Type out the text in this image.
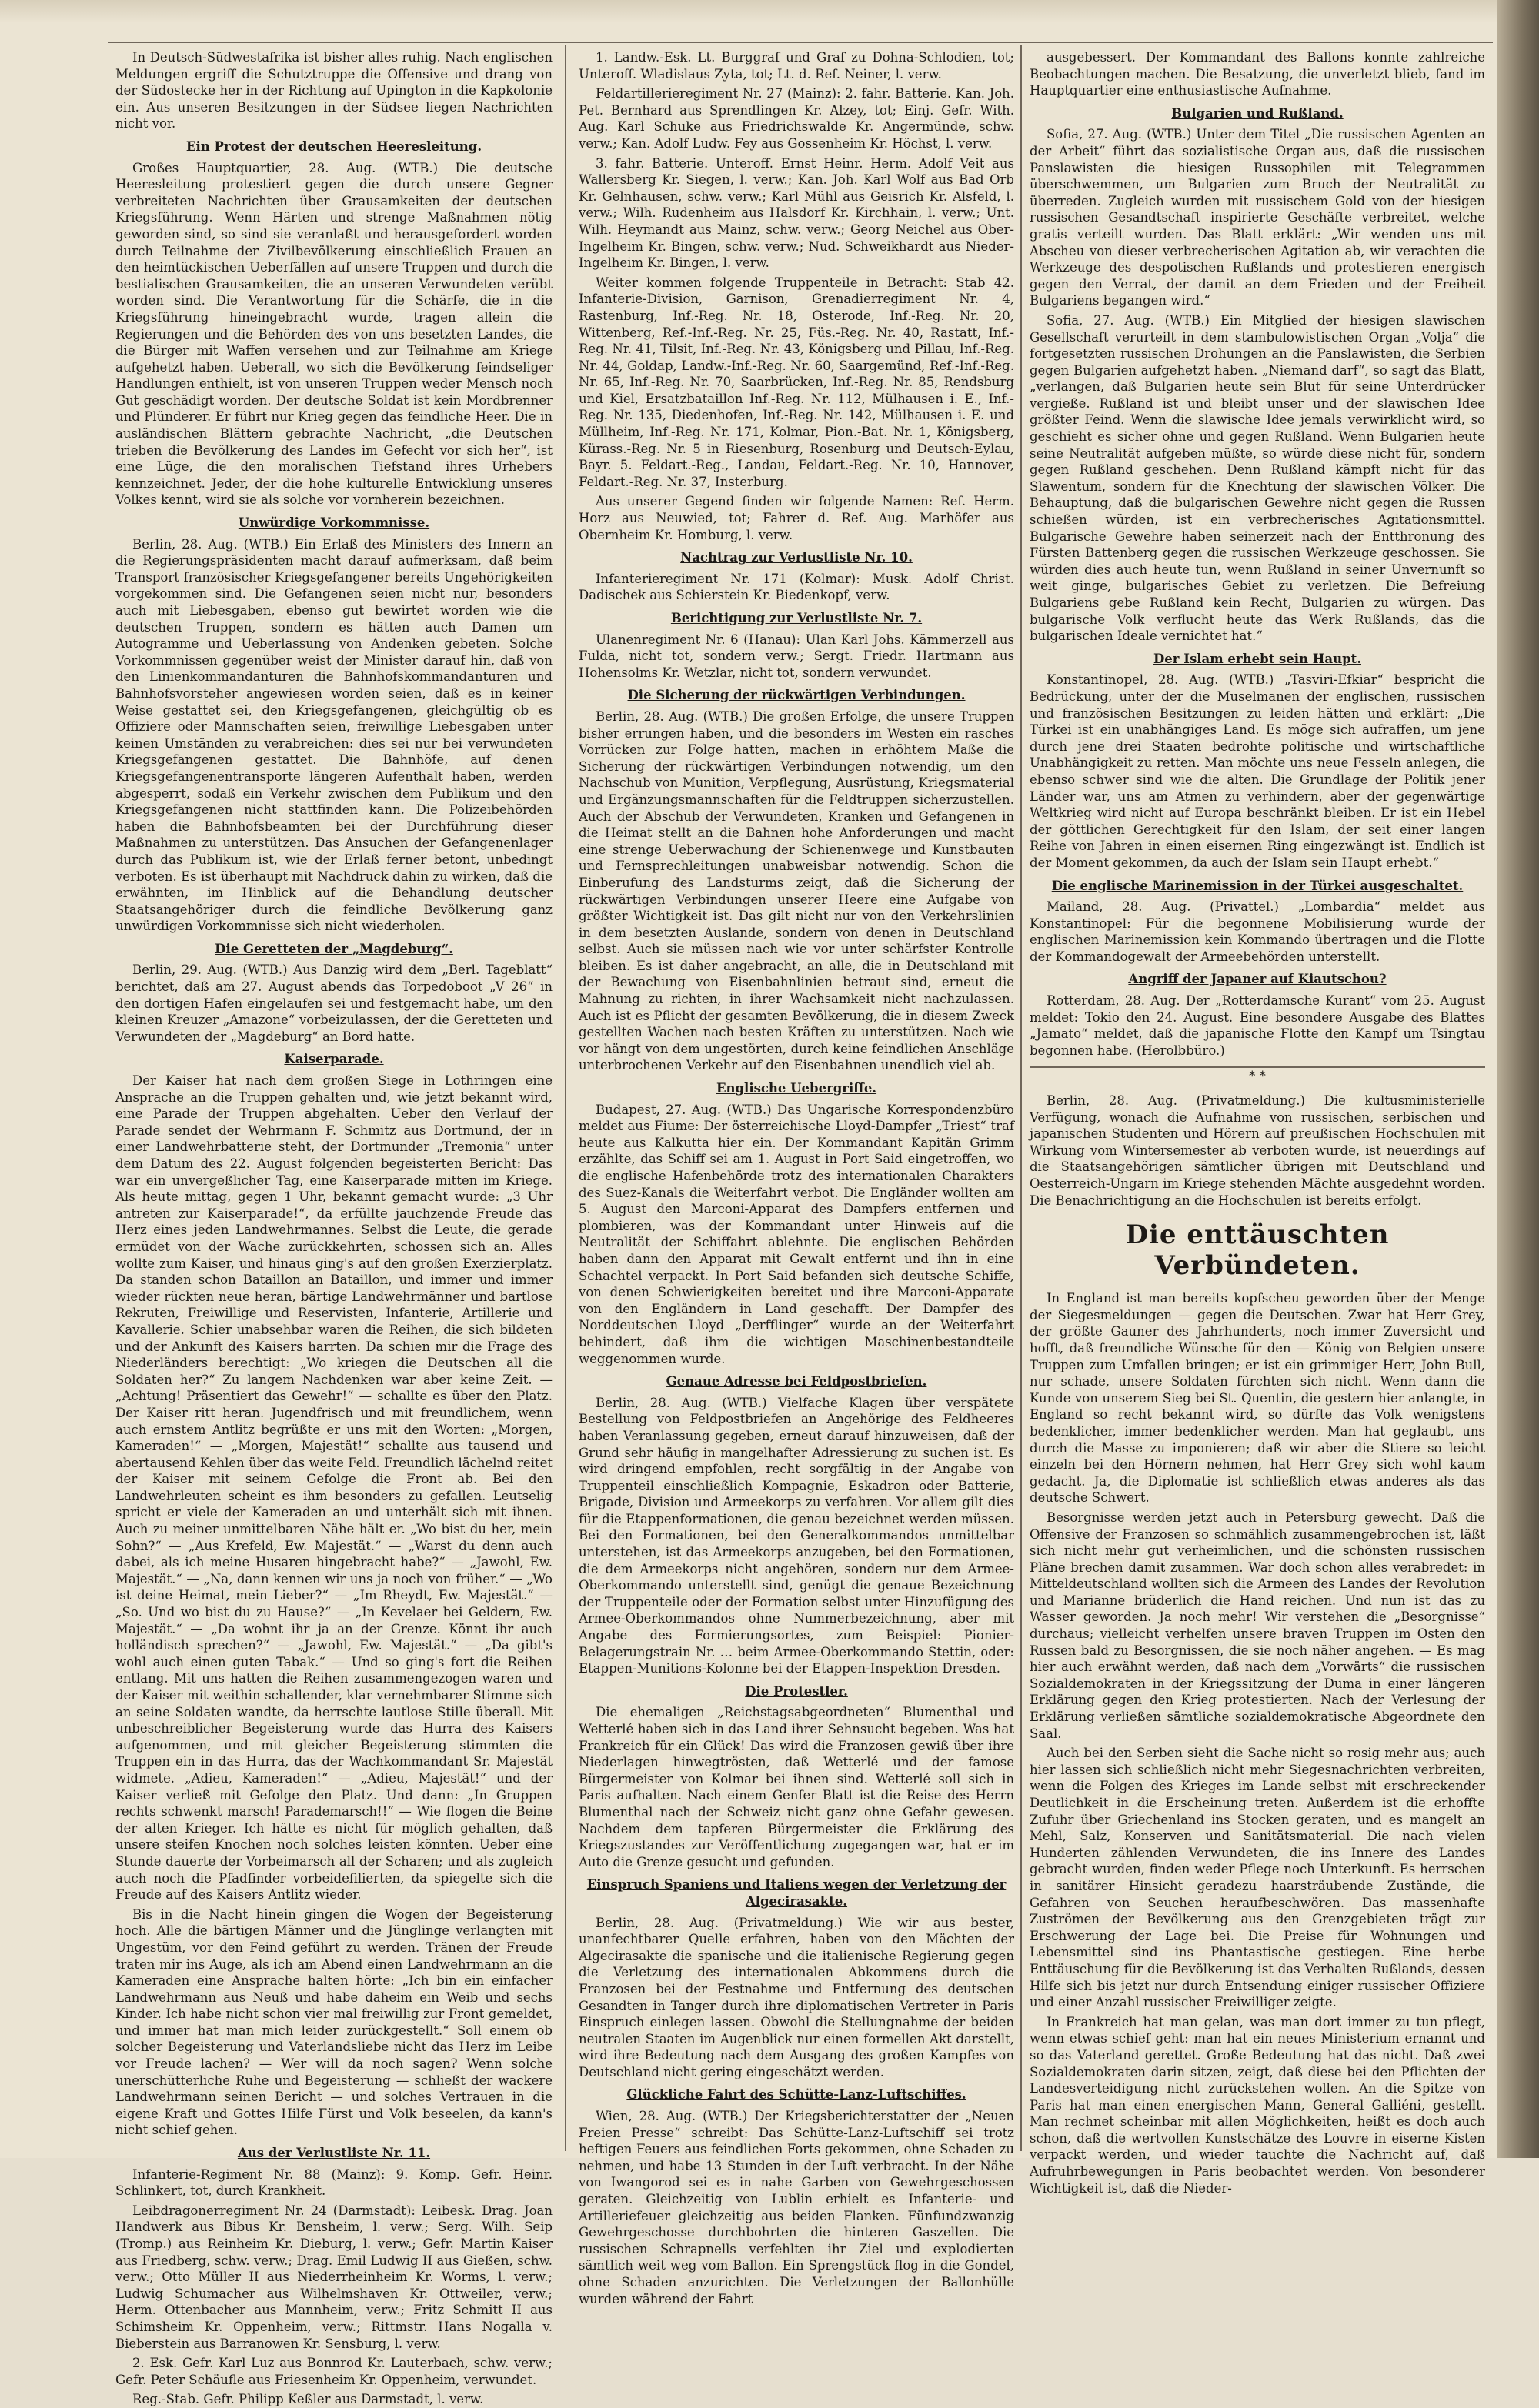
In Deutsch-Südwestafrika ist bisher alles ruhig. Nach englischen Meldungen ergriff die Schutztruppe die Offensive und drang von der Südostecke her in der Richtung auf Upington in die Kapkolonie ein. Aus unseren Besitzungen in der Südsee liegen Nachrichten nicht vor.

Ein Protest der deutschen Heeresleitung.

Großes Hauptquartier, 28. Aug. (WTB.) Die deutsche Heeresleitung protestiert gegen die durch unsere Gegner verbreiteten Nachrichten über Grausamkeiten der deutschen Kriegsführung. Wenn Härten und strenge Maßnahmen nötig geworden sind, so sind sie veranlaßt und herausgefordert worden durch Teilnahme der Zivilbevölkerung einschließlich Frauen an den heimtückischen Ueberfällen auf unsere Truppen und durch die bestialischen Grausamkeiten, die an unseren Verwundeten verübt worden sind. Die Verantwortung für die Schärfe, die in die Kriegsführung hineingebracht wurde, tragen allein die Regierungen und die Behörden des von uns besetzten Landes, die die Bürger mit Waffen versehen und zur Teilnahme am Kriege aufgehetzt haben. Ueberall, wo sich die Bevölkerung feindseliger Handlungen enthielt, ist von unseren Truppen weder Mensch noch Gut geschädigt worden. Der deutsche Soldat ist kein Mordbrenner und Plünderer. Er führt nur Krieg gegen das feindliche Heer. Die in ausländischen Blättern gebrachte Nachricht, „die Deutschen trieben die Bevölkerung des Landes im Gefecht vor sich her“, ist eine Lüge, die den moralischen Tiefstand ihres Urhebers kennzeichnet. Jeder, der die hohe kulturelle Entwicklung unseres Volkes kennt, wird sie als solche vor vornherein bezeichnen.

Unwürdige Vorkommnisse.

Berlin, 28. Aug. (WTB.) Ein Erlaß des Ministers des Innern an die Regierungspräsidenten macht darauf aufmerksam, daß beim Transport französischer Kriegsgefangener bereits Ungehörigkeiten vorgekommen sind. Die Gefangenen seien nicht nur, besonders auch mit Liebesgaben, ebenso gut bewirtet worden wie die deutschen Truppen, sondern es hätten auch Damen um Autogramme und Ueberlassung von Andenken gebeten. Solche Vorkommnissen gegenüber weist der Minister darauf hin, daß von den Linienkommandanturen die Bahnhofskommandanturen und Bahnhofsvorsteher angewiesen worden seien, daß es in keiner Weise gestattet sei, den Kriegsgefangenen, gleichgültig ob es Offiziere oder Mannschaften seien, freiwillige Liebesgaben unter keinen Umständen zu verabreichen: dies sei nur bei verwundeten Kriegsgefangenen gestattet. Die Bahnhöfe, auf denen Kriegsgefangenentransporte längeren Aufenthalt haben, werden abgesperrt, sodaß ein Verkehr zwischen dem Publikum und den Kriegsgefangenen nicht stattfinden kann. Die Polizeibehörden haben die Bahnhofsbeamten bei der Durchführung dieser Maßnahmen zu unterstützen. Das Ansuchen der Gefangenenlager durch das Publikum ist, wie der Erlaß ferner betont, unbedingt verboten. Es ist überhaupt mit Nachdruck dahin zu wirken, daß die erwähnten, im Hinblick auf die Behandlung deutscher Staatsangehöriger durch die feindliche Bevölkerung ganz unwürdigen Vorkommnisse sich nicht wiederholen.

Die Geretteten der „Magdeburg“.

Berlin, 29. Aug. (WTB.) Aus Danzig wird dem „Berl. Tageblatt“ berichtet, daß am 27. August abends das Torpedoboot „V 26“ in den dortigen Hafen eingelaufen sei und festgemacht habe, um den kleinen Kreuzer „Amazone“ vorbeizulassen, der die Geretteten und Verwundeten der „Magdeburg“ an Bord hatte.

Kaiserparade.

Der Kaiser hat nach dem großen Siege in Lothringen eine Ansprache an die Truppen gehalten und, wie jetzt bekannt wird, eine Parade der Truppen abgehalten. Ueber den Verlauf der Parade sendet der Wehrmann F. Schmitz aus Dortmund, der in einer Landwehrbatterie steht, der Dortmunder „Tremonia“ unter dem Datum des 22. August folgenden begeisterten Bericht: Das war ein unvergeßlicher Tag, eine Kaiserparade mitten im Kriege. Als heute mittag, gegen 1 Uhr, bekannt gemacht wurde: „3 Uhr antreten zur Kaiserparade!“, da erfüllte jauchzende Freude das Herz eines jeden Landwehrmannes. Selbst die Leute, die gerade ermüdet von der Wache zurückkehrten, schossen sich an. Alles wollte zum Kaiser, und hinaus ging's auf den großen Exerzierplatz. Da standen schon Bataillon an Bataillon, und immer und immer wieder rückten neue heran, bärtige Landwehrmänner und bartlose Rekruten, Freiwillige und Reservisten, Infanterie, Artillerie und Kavallerie. Schier unabsehbar waren die Reihen, die sich bildeten und der Ankunft des Kaisers harrten. Da schien mir die Frage des Niederländers berechtigt: „Wo kriegen die Deutschen all die Soldaten her?“ Zu langem Nachdenken war aber keine Zeit. — „Achtung! Präsentiert das Gewehr!“ — schallte es über den Platz. Der Kaiser ritt heran. Jugendfrisch und mit freundlichem, wenn auch ernstem Antlitz begrüßte er uns mit den Worten: „Morgen, Kameraden!“ — „Morgen, Majestät!“ schallte aus tausend und abertausend Kehlen über das weite Feld. Freundlich lächelnd reitet der Kaiser mit seinem Gefolge die Front ab. Bei den Landwehrleuten scheint es ihm besonders zu gefallen. Leutselig spricht er viele der Kameraden an und unterhält sich mit ihnen. Auch zu meiner unmittelbaren Nähe hält er. „Wo bist du her, mein Sohn?“ — „Aus Krefeld, Ew. Majestät.“ — „Warst du denn auch dabei, als ich meine Husaren hingebracht habe?“ — „Jawohl, Ew. Majestät.“ — „Na, dann kennen wir uns ja noch von früher.“ — „Wo ist deine Heimat, mein Lieber?“ — „Im Rheydt, Ew. Majestät.“ — „So. Und wo bist du zu Hause?“ — „In Kevelaer bei Geldern, Ew. Majestät.“ — „Da wohnt ihr ja an der Grenze. Könnt ihr auch holländisch sprechen?“ — „Jawohl, Ew. Majestät.“ — „Da gibt's wohl auch einen guten Tabak.“ — Und so ging's fort die Reihen entlang. Mit uns hatten die Reihen zusammengezogen waren und der Kaiser mit weithin schallender, klar vernehmbarer Stimme sich an seine Soldaten wandte, da herrschte lautlose Stille überall. Mit unbeschreiblicher Begeisterung wurde das Hurra des Kaisers aufgenommen, und mit gleicher Begeisterung stimmten die Truppen ein in das Hurra, das der Wachkommandant Sr. Majestät widmete. „Adieu, Kameraden!“ — „Adieu, Majestät!“ und der Kaiser verließ mit Gefolge den Platz. Und dann: „In Gruppen rechts schwenkt marsch! Parademarsch!!“ — Wie flogen die Beine der alten Krieger. Ich hätte es nicht für möglich gehalten, daß unsere steifen Knochen noch solches leisten könnten. Ueber eine Stunde dauerte der Vorbeimarsch all der Scharen; und als zugleich auch noch die Pfadfinder vorbeidefilierten, da spiegelte sich die Freude auf des Kaisers Antlitz wieder.

Bis in die Nacht hinein gingen die Wogen der Begeisterung hoch. Alle die bärtigen Männer und die Jünglinge verlangten mit Ungestüm, vor den Feind geführt zu werden. Tränen der Freude traten mir ins Auge, als ich am Abend einen Landwehrmann an die Kameraden eine Ansprache halten hörte: „Ich bin ein einfacher Landwehrmann aus Neuß und habe daheim ein Weib und sechs Kinder. Ich habe nicht schon vier mal freiwillig zur Front gemeldet, und immer hat man mich leider zurückgestellt.“ Soll einem ob solcher Begeisterung und Vaterlandsliebe nicht das Herz im Leibe vor Freude lachen? — Wer will da noch sagen? Wenn solche unerschütterliche Ruhe und Begeisterung — schließt der wackere Landwehrmann seinen Bericht — und solches Vertrauen in die eigene Kraft und Gottes Hilfe Fürst und Volk beseelen, da kann's nicht schief gehen.

Aus der Verlustliste Nr. 11.

Infanterie-Regiment Nr. 88 (Mainz): 9. Komp. Gefr. Heinr. Schlinkert, tot, durch Krankheit.

Leibdragonerregiment Nr. 24 (Darmstadt): Leibesk. Drag. Joan Handwerk aus Bibus Kr. Bensheim, l. verw.; Serg. Wilh. Seip (Tromp.) aus Reinheim Kr. Dieburg, l. verw.; Gefr. Martin Kaiser aus Friedberg, schw. verw.; Drag. Emil Ludwig II aus Gießen, schw. verw.; Otto Müller II aus Niederrheinheim Kr. Worms, l. verw.; Ludwig Schumacher aus Wilhelmshaven Kr. Ottweiler, verw.; Herm. Ottenbacher aus Mannheim, verw.; Fritz Schmitt II aus Schimsheim Kr. Oppenheim, verw.; Rittmstr. Hans Nogalla v. Bieberstein aus Barranowen Kr. Sensburg, l. verw.

2. Esk. Gefr. Karl Luz aus Bonnrod Kr. Lauterbach, schw. verw.; Gefr. Peter Schäufle aus Friesenheim Kr. Oppenheim, verwundet.

Reg.-Stab. Gefr. Philipp Keßler aus Darmstadt, l. verw.

1. Landw.-Esk. Lt. Burggraf und Graf zu Dohna-Schlodien, tot; Unteroff. Wladislaus Zyta, tot; Lt. d. Ref. Neiner, l. verw.

Feldartillerieregiment Nr. 27 (Mainz): 2. fahr. Batterie. Kan. Joh. Pet. Bernhard aus Sprendlingen Kr. Alzey, tot; Einj. Gefr. With. Aug. Karl Schuke aus Friedrichswalde Kr. Angermünde, schw. verw.; Kan. Adolf Ludw. Fey aus Gossenheim Kr. Höchst, l. verw.

3. fahr. Batterie. Unteroff. Ernst Heinr. Herm. Adolf Veit aus Wallersberg Kr. Siegen, l. verw.; Kan. Joh. Karl Wolf aus Bad Orb Kr. Gelnhausen, schw. verw.; Karl Mühl aus Geisrich Kr. Alsfeld, l. verw.; Wilh. Rudenheim aus Halsdorf Kr. Kirchhain, l. verw.; Unt. Wilh. Heymandt aus Mainz, schw. verw.; Georg Neichel aus Ober-Ingelheim Kr. Bingen, schw. verw.; Nud. Schweikhardt aus Nieder-Ingelheim Kr. Bingen, l. verw.

Weiter kommen folgende Truppenteile in Betracht: Stab 42. Infanterie-Division, Garnison, Grenadierregiment Nr. 4, Rastenburg, Inf.-Reg. Nr. 18, Osterode, Inf.-Reg. Nr. 20, Wittenberg, Ref.-Inf.-Reg. Nr. 25, Füs.-Reg. Nr. 40, Rastatt, Inf.-Reg. Nr. 41, Tilsit, Inf.-Reg. Nr. 43, Königsberg und Pillau, Inf.-Reg. Nr. 44, Goldap, Landw.-Inf.-Reg. Nr. 60, Saargemünd, Ref.-Inf.-Reg. Nr. 65, Inf.-Reg. Nr. 70, Saarbrücken, Inf.-Reg. Nr. 85, Rendsburg und Kiel, Ersatzbataillon Inf.-Reg. Nr. 112, Mülhausen i. E., Inf.-Reg. Nr. 135, Diedenhofen, Inf.-Reg. Nr. 142, Mülhausen i. E. und Müllheim, Inf.-Reg. Nr. 171, Kolmar, Pion.-Bat. Nr. 1, Königsberg, Kürass.-Reg. Nr. 5 in Riesenburg, Rosenburg und Deutsch-Eylau, Bayr. 5. Feldart.-Reg., Landau, Feldart.-Reg. Nr. 10, Hannover, Feldart.-Reg. Nr. 37, Insterburg.

Aus unserer Gegend finden wir folgende Namen: Ref. Herm. Horz aus Neuwied, tot; Fahrer d. Ref. Aug. Marhöfer aus Obernheim Kr. Homburg, l. verw.

Nachtrag zur Verlustliste Nr. 10.

Infanterieregiment Nr. 171 (Kolmar): Musk. Adolf Christ. Dadischek aus Schierstein Kr. Biedenkopf, verw.

Berichtigung zur Verlustliste Nr. 7.

Ulanenregiment Nr. 6 (Hanau): Ulan Karl Johs. Kämmerzell aus Fulda, nicht tot, sondern verw.; Sergt. Friedr. Hartmann aus Hohensolms Kr. Wetzlar, nicht tot, sondern verwundet.

Die Sicherung der rückwärtigen Verbindungen.

Berlin, 28. Aug. (WTB.) Die großen Erfolge, die unsere Truppen bisher errungen haben, und die besonders im Westen ein rasches Vorrücken zur Folge hatten, machen in erhöhtem Maße die Sicherung der rückwärtigen Verbindungen notwendig, um den Nachschub von Munition, Verpflegung, Ausrüstung, Kriegsmaterial und Ergänzungsmannschaften für die Feldtruppen sicherzustellen. Auch der Abschub der Verwundeten, Kranken und Gefangenen in die Heimat stellt an die Bahnen hohe Anforderungen und macht eine strenge Ueberwachung der Schienenwege und Kunstbauten und Fernsprechleitungen unabweisbar notwendig. Schon die Einberufung des Landsturms zeigt, daß die Sicherung der rückwärtigen Verbindungen unserer Heere eine Aufgabe von größter Wichtigkeit ist. Das gilt nicht nur von den Verkehrslinien in dem besetzten Auslande, sondern von denen in Deutschland selbst. Auch sie müssen nach wie vor unter schärfster Kontrolle bleiben. Es ist daher angebracht, an alle, die in Deutschland mit der Bewachung von Eisenbahnlinien betraut sind, erneut die Mahnung zu richten, in ihrer Wachsamkeit nicht nachzulassen. Auch ist es Pflicht der gesamten Bevölkerung, die in diesem Zweck gestellten Wachen nach besten Kräften zu unterstützen. Nach wie vor hängt von dem ungestörten, durch keine feindlichen Anschläge unterbrochenen Verkehr auf den Eisenbahnen unendlich viel ab.

Englische Uebergriffe.

Budapest, 27. Aug. (WTB.) Das Ungarische Korrespondenzbüro meldet aus Fiume: Der österreichische Lloyd-Dampfer „Triest“ traf heute aus Kalkutta hier ein. Der Kommandant Kapitän Grimm erzählte, das Schiff sei am 1. August in Port Said eingetroffen, wo die englische Hafenbehörde trotz des internationalen Charakters des Suez-Kanals die Weiterfahrt verbot. Die Engländer wollten am 5. August den Marconi-Apparat des Dampfers entfernen und plombieren, was der Kommandant unter Hinweis auf die Neutralität der Schiffahrt ablehnte. Die englischen Behörden haben dann den Apparat mit Gewalt entfernt und ihn in eine Schachtel verpackt. In Port Said befanden sich deutsche Schiffe, von denen Schwierigkeiten bereitet und ihre Marconi-Apparate von den Engländern in Land geschafft. Der Dampfer des Norddeutschen Lloyd „Derfflinger“ wurde an der Weiterfahrt behindert, daß ihm die wichtigen Maschinenbestandteile weggenommen wurde.

Genaue Adresse bei Feldpostbriefen.

Berlin, 28. Aug. (WTB.) Vielfache Klagen über verspätete Bestellung von Feldpostbriefen an Angehörige des Feldheeres haben Veranlassung gegeben, erneut darauf hinzuweisen, daß der Grund sehr häufig in mangelhafter Adressierung zu suchen ist. Es wird dringend empfohlen, recht sorgfältig in der Angabe von Truppenteil einschließlich Kompagnie, Eskadron oder Batterie, Brigade, Division und Armeekorps zu verfahren. Vor allem gilt dies für die Etappenformationen, die genau bezeichnet werden müssen. Bei den Formationen, bei den Generalkommandos unmittelbar unterstehen, ist das Armeekorps anzugeben, bei den Formationen, die dem Armeekorps nicht angehören, sondern nur dem Armee-Oberkommando unterstellt sind, genügt die genaue Bezeichnung der Truppenteile oder der Formation selbst unter Hinzufügung des Armee-Oberkommandos ohne Nummerbezeichnung, aber mit Angabe des Formierungsortes, zum Beispiel: Pionier-Belagerungstrain Nr. … beim Armee-Oberkommando Stettin, oder: Etappen-Munitions-Kolonne bei der Etappen-Inspektion Dresden.

Die Protestler.

Die ehemaligen „Reichstagsabgeordneten“ Blumenthal und Wetterlé haben sich in das Land ihrer Sehnsucht begeben. Was hat Frankreich für ein Glück! Das wird die Franzosen gewiß über ihre Niederlagen hinwegtrösten, daß Wetterlé und der famose Bürgermeister von Kolmar bei ihnen sind. Wetterlé soll sich in Paris aufhalten. Nach einem Genfer Blatt ist die Reise des Herrn Blumenthal nach der Schweiz nicht ganz ohne Gefahr gewesen. Nachdem dem tapferen Bürgermeister die Erklärung des Kriegszustandes zur Veröffentlichung zugegangen war, hat er im Auto die Grenze gesucht und gefunden.

Einspruch Spaniens und Italiens wegen der Verletzung der Algecirasakte.

Berlin, 28. Aug. (Privatmeldung.) Wie wir aus bester, unanfechtbarer Quelle erfahren, haben von den Mächten der Algecirasakte die spanische und die italienische Regierung gegen die Verletzung des internationalen Abkommens durch die Franzosen bei der Festnahme und Entfernung des deutschen Gesandten in Tanger durch ihre diplomatischen Vertreter in Paris Einspruch einlegen lassen. Obwohl die Stellungnahme der beiden neutralen Staaten im Augenblick nur einen formellen Akt darstellt, wird ihre Bedeutung nach dem Ausgang des großen Kampfes von Deutschland nicht gering eingeschätzt werden.

Glückliche Fahrt des Schütte-Lanz-Luftschiffes.

Wien, 28. Aug. (WTB.) Der Kriegsberichterstatter der „Neuen Freien Presse“ schreibt: Das Schütte-Lanz-Luftschiff sei trotz heftigen Feuers aus feindlichen Forts gekommen, ohne Schaden zu nehmen, und habe 13 Stunden in der Luft verbracht. In der Nähe von Iwangorod sei es in nahe Garben von Gewehrgeschossen geraten. Gleichzeitig von Lublin erhielt es Infanterie- und Artilleriefeuer gleichzeitig aus beiden Flanken. Fünfundzwanzig Gewehrgeschosse durchbohrten die hinteren Gaszellen. Die russischen Schrapnells verfehlten ihr Ziel und explodierten sämtlich weit weg vom Ballon. Ein Sprengstück flog in die Gondel, ohne Schaden anzurichten. Die Verletzungen der Ballonhülle wurden während der Fahrt

ausgebessert. Der Kommandant des Ballons konnte zahlreiche Beobachtungen machen. Die Besatzung, die unverletzt blieb, fand im Hauptquartier eine enthusiastische Aufnahme.

Bulgarien und Rußland.

Sofia, 27. Aug. (WTB.) Unter dem Titel „Die russischen Agenten an der Arbeit“ führt das sozialistische Organ aus, daß die russischen Panslawisten die hiesigen Russophilen mit Telegrammen überschwemmen, um Bulgarien zum Bruch der Neutralität zu überreden. Zugleich wurden mit russischem Gold von der hiesigen russischen Gesandtschaft inspirierte Geschäfte verbreitet, welche gratis verteilt wurden. Das Blatt erklärt: „Wir wenden uns mit Abscheu von dieser verbrecherischen Agitation ab, wir verachten die Werkzeuge des despotischen Rußlands und protestieren energisch gegen den Verrat, der damit an dem Frieden und der Freiheit Bulgariens begangen wird.“

Sofia, 27. Aug. (WTB.) Ein Mitglied der hiesigen slawischen Gesellschaft verurteilt in dem stambulowistischen Organ „Volja“ die fortgesetzten russischen Drohungen an die Panslawisten, die Serbien gegen Bulgarien aufgehetzt haben. „Niemand darf“, so sagt das Blatt, „verlangen, daß Bulgarien heute sein Blut für seine Unterdrücker vergieße. Rußland ist und bleibt unser und der slawischen Idee größter Feind. Wenn die slawische Idee jemals verwirklicht wird, so geschieht es sicher ohne und gegen Rußland. Wenn Bulgarien heute seine Neutralität aufgeben müßte, so würde diese nicht für, sondern gegen Rußland geschehen. Denn Rußland kämpft nicht für das Slawentum, sondern für die Knechtung der slawischen Völker. Die Behauptung, daß die bulgarischen Gewehre nicht gegen die Russen schießen würden, ist ein verbrecherisches Agitationsmittel. Bulgarische Gewehre haben seinerzeit nach der Entthronung des Fürsten Battenberg gegen die russischen Werkzeuge geschossen. Sie würden dies auch heute tun, wenn Rußland in seiner Unvernunft so weit ginge, bulgarisches Gebiet zu verletzen. Die Befreiung Bulgariens gebe Rußland kein Recht, Bulgarien zu würgen. Das bulgarische Volk verflucht heute das Werk Rußlands, das die bulgarischen Ideale vernichtet hat.“

Der Islam erhebt sein Haupt.

Konstantinopel, 28. Aug. (WTB.) „Tasviri-Efkiar“ bespricht die Bedrückung, unter der die Muselmanen der englischen, russischen und französischen Besitzungen zu leiden hätten und erklärt: „Die Türkei ist ein unabhängiges Land. Es möge sich aufraffen, um jene durch jene drei Staaten bedrohte politische und wirtschaftliche Unabhängigkeit zu retten. Man möchte uns neue Fesseln anlegen, die ebenso schwer sind wie die alten. Die Grundlage der Politik jener Länder war, uns am Atmen zu verhindern, aber der gegenwärtige Weltkrieg wird nicht auf Europa beschränkt bleiben. Er ist ein Hebel der göttlichen Gerechtigkeit für den Islam, der seit einer langen Reihe von Jahren in einen eisernen Ring eingezwängt ist. Endlich ist der Moment gekommen, da auch der Islam sein Haupt erhebt.“

Die englische Marinemission in der Türkei ausgeschaltet.

Mailand, 28. Aug. (Privattel.) „Lombardia“ meldet aus Konstantinopel: Für die begonnene Mobilisierung wurde der englischen Marinemission kein Kommando übertragen und die Flotte der Kommandogewalt der Armeebehörden unterstellt.

Angriff der Japaner auf Kiautschou?

Rotterdam, 28. Aug. Der „Rotterdamsche Kurant“ vom 25. August meldet: Tokio den 24. August. Eine besondere Ausgabe des Blattes „Jamato“ meldet, daß die japanische Flotte den Kampf um Tsingtau begonnen habe. (Herolbbüro.)

* *

Berlin, 28. Aug. (Privatmeldung.) Die kultusministerielle Verfügung, wonach die Aufnahme von russischen, serbischen und japanischen Studenten und Hörern auf preußischen Hochschulen mit Wirkung vom Wintersemester ab verboten wurde, ist neuerdings auf die Staatsangehörigen sämtlicher übrigen mit Deutschland und Oesterreich-Ungarn im Kriege stehenden Mächte ausgedehnt worden. Die Benachrichtigung an die Hochschulen ist bereits erfolgt.

Die enttäuschten Verbündeten.

In England ist man bereits kopfscheu geworden über der Menge der Siegesmeldungen — gegen die Deutschen. Zwar hat Herr Grey, der größte Gauner des Jahrhunderts, noch immer Zuversicht und hofft, daß freundliche Wünsche für den — König von Belgien unsere Truppen zum Umfallen bringen; er ist ein grimmiger Herr, John Bull, nur schade, unsere Soldaten fürchten sich nicht. Wenn dann die Kunde von unserem Sieg bei St. Quentin, die gestern hier anlangte, in England so recht bekannt wird, so dürfte das Volk wenigstens bedenklicher, immer bedenklicher werden. Man hat geglaubt, uns durch die Masse zu imponieren; daß wir aber die Stiere so leicht einzeln bei den Hörnern nehmen, hat Herr Grey sich wohl kaum gedacht. Ja, die Diplomatie ist schließlich etwas anderes als das deutsche Schwert.

Besorgnisse werden jetzt auch in Petersburg gewecht. Daß die Offensive der Franzosen so schmählich zusammengebrochen ist, läßt sich nicht mehr gut verheimlichen, und die schönsten russischen Pläne brechen damit zusammen. War doch schon alles verabredet: in Mitteldeutschland wollten sich die Armeen des Landes der Revolution und Marianne brüderlich die Hand reichen. Und nun ist das zu Wasser geworden. Ja noch mehr! Wir verstehen die „Besorgnisse“ durchaus; vielleicht verhelfen unsere braven Truppen im Osten den Russen bald zu Besorgnissen, die sie noch näher angehen. — Es mag hier auch erwähnt werden, daß nach dem „Vorwärts“ die russischen Sozialdemokraten in der Kriegssitzung der Duma in einer längeren Erklärung gegen den Krieg protestierten. Nach der Verlesung der Erklärung verließen sämtliche sozialdemokratische Abgeordnete den Saal.

Auch bei den Serben sieht die Sache nicht so rosig mehr aus; auch hier lassen sich schließlich nicht mehr Siegesnachrichten verbreiten, wenn die Folgen des Krieges im Lande selbst mit erschreckender Deutlichkeit in die Erscheinung treten. Außerdem ist die erhoffte Zufuhr über Griechenland ins Stocken geraten, und es mangelt an Mehl, Salz, Konserven und Sanitätsmaterial. Die nach vielen Hunderten zählenden Verwundeten, die ins Innere des Landes gebracht wurden, finden weder Pflege noch Unterkunft. Es herrschen in sanitärer Hinsicht geradezu haarsträubende Zustände, die Gefahren von Seuchen heraufbeschwören. Das massenhafte Zuströmen der Bevölkerung aus den Grenzgebieten trägt zur Erschwerung der Lage bei. Die Preise für Wohnungen und Lebensmittel sind ins Phantastische gestiegen. Eine herbe Enttäuschung für die Bevölkerung ist das Verhalten Rußlands, dessen Hilfe sich bis jetzt nur durch Entsendung einiger russischer Offiziere und einer Anzahl russischer Freiwilliger zeigte.

In Frankreich hat man gelan, was man dort immer zu tun pflegt, wenn etwas schief geht: man hat ein neues Ministerium ernannt und so das Vaterland gerettet. Große Bedeutung hat das nicht. Daß zwei Sozialdemokraten darin sitzen, zeigt, daß diese bei den Pflichten der Landesverteidigung nicht zurückstehen wollen. An die Spitze von Paris hat man einen energischen Mann, General Galliéni, gestellt. Man rechnet scheinbar mit allen Möglichkeiten, heißt es doch auch schon, daß die wertvollen Kunstschätze des Louvre in eiserne Kisten verpackt werden, und wieder tauchte die Nachricht auf, daß Aufruhrbewegungen in Paris beobachtet werden. Von besonderer Wichtigkeit ist, daß die Nieder-
